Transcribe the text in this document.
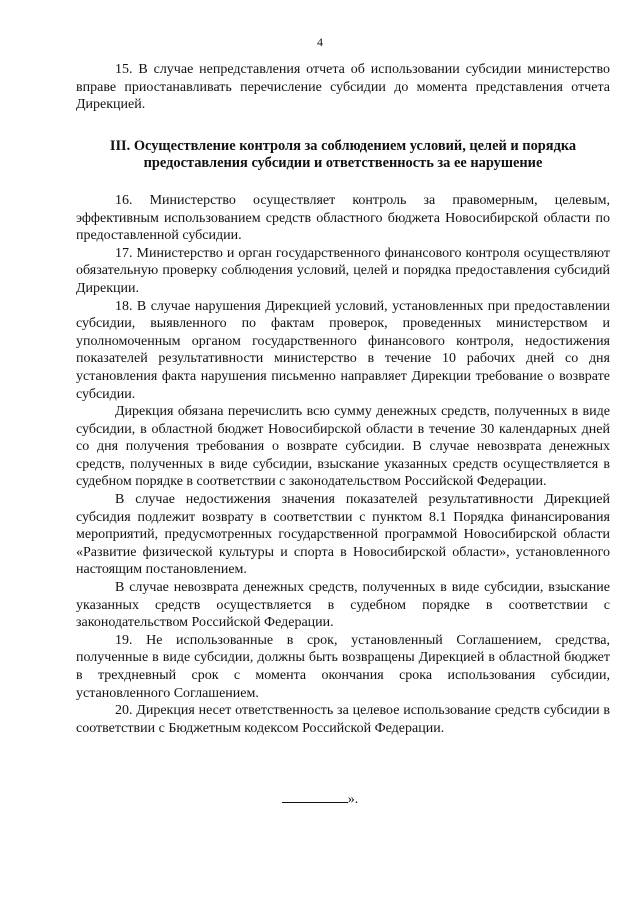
4

15. В случае непредставления отчета об использовании субсидии министерство вправе приостанавливать перечисление субсидии до момента представления отчета Дирекцией.

III. Осуществление контроля за соблюдением условий, целей и порядка предоставления субсидии и ответственность за ее нарушение

16. Министерство осуществляет контроль за правомерным, целевым, эффективным использованием средств областного бюджета Новосибирской области по предоставленной субсидии.

17. Министерство и орган государственного финансового контроля осуществляют обязательную проверку соблюдения условий, целей и порядка предоставления субсидий Дирекции.

18. В случае нарушения Дирекцией условий, установленных при предоставлении субсидии, выявленного по фактам проверок, проведенных министерством и уполномоченным органом государственного финансового контроля, недостижения показателей результативности министерство в течение 10 рабочих дней со дня установления факта нарушения письменно направляет Дирекции требование о возврате субсидии.

Дирекция обязана перечислить всю сумму денежных средств, полученных в виде субсидии, в областной бюджет Новосибирской области в течение 30 календарных дней со дня получения требования о возврате субсидии. В случае невозврата денежных средств, полученных в виде субсидии, взыскание указанных средств осуществляется в судебном порядке в соответствии с законодательством Российской Федерации.

В случае недостижения значения показателей результативности Дирекцией субсидия подлежит возврату в соответствии с пунктом 8.1 Порядка финансирования мероприятий, предусмотренных государственной программой Новосибирской области «Развитие физической культуры и спорта в Новосибирской области», установленного настоящим постановлением.

В случае невозврата денежных средств, полученных в виде субсидии, взыскание указанных средств осуществляется в судебном порядке в соответствии с законодательством Российской Федерации.

19. Не использованные в срок, установленный Соглашением, средства, полученные в виде субсидии, должны быть возвращены Дирекцией в областной бюджет в трехдневный срок с момента окончания срока использования субсидии, установленного Соглашением.

20. Дирекция несет ответственность за целевое использование средств субсидии в соответствии с Бюджетным кодексом Российской Федерации.

».
